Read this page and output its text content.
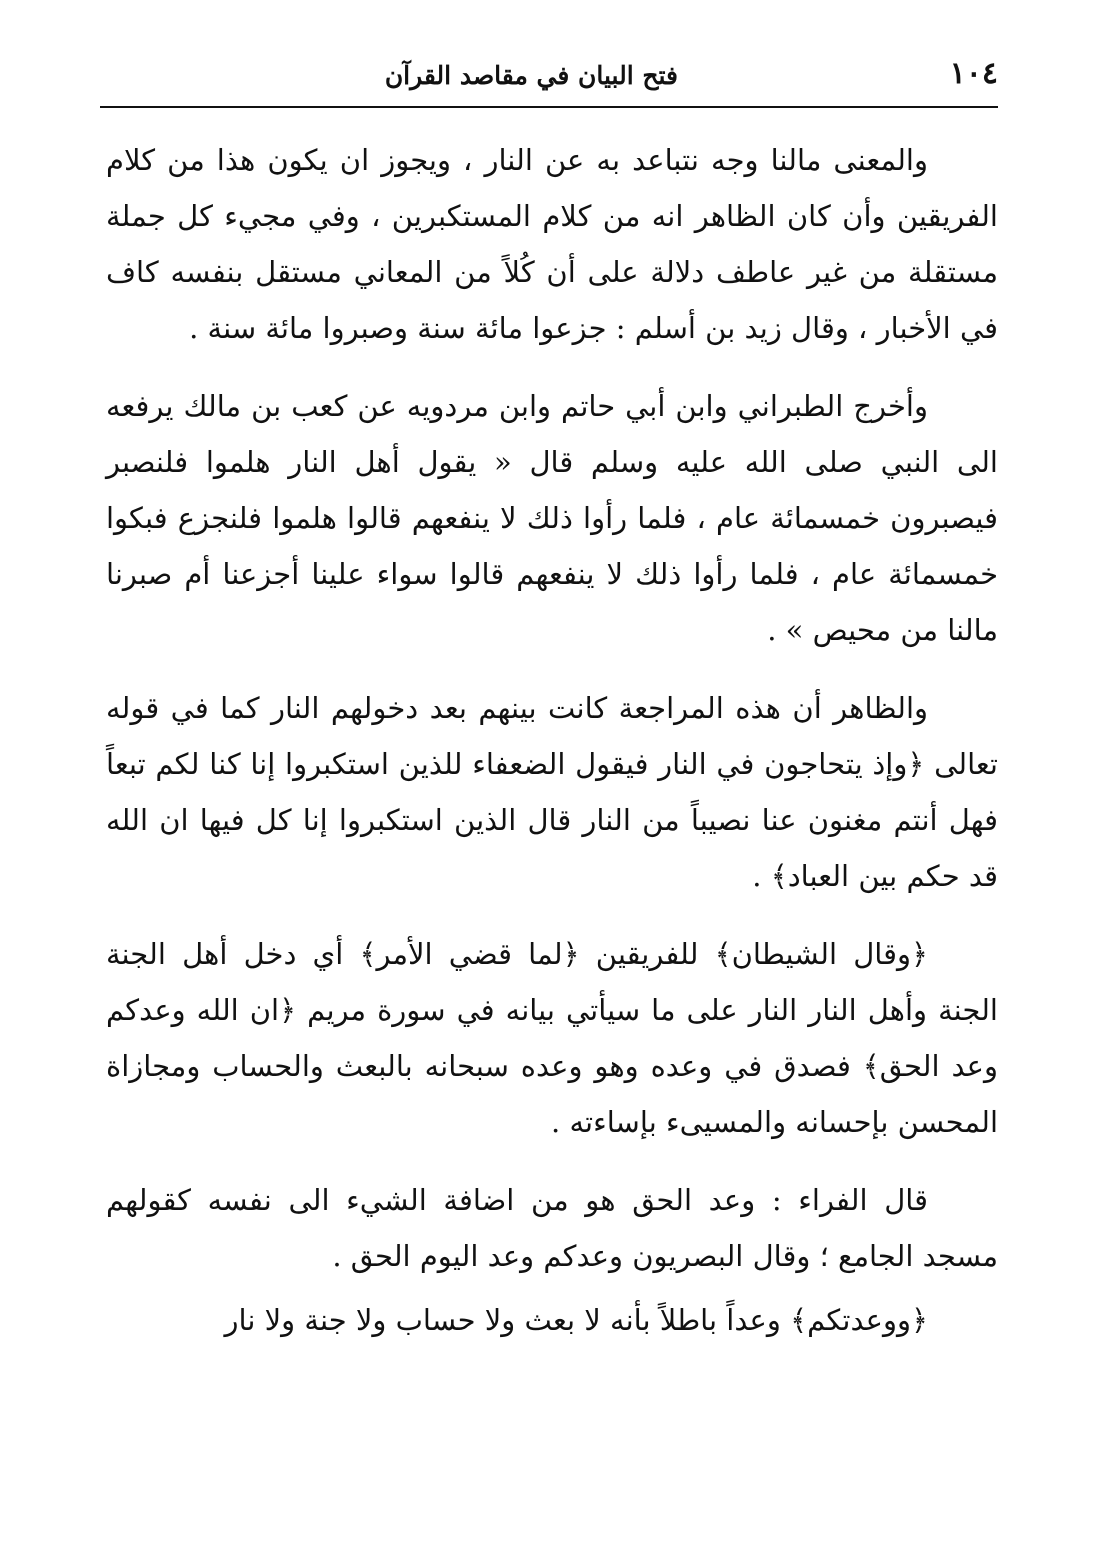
١٠٤
فتح البيان في مقاصد القرآن

والمعنى مالنا وجه نتباعد به عن النار ، ويجوز ان يكون هذا من كلام الفريقين وأن كان الظاهر انه من كلام المستكبرين ، وفي مجيء كل جملة مستقلة من غير عاطف دلالة على أن كُلاً من المعاني مستقل بنفسه كاف في الأخبار ، وقال زيد بن أسلم : جزعوا مائة سنة وصبروا مائة سنة .

وأخرج الطبراني وابن أبي حاتم وابن مردويه عن كعب بن مالك يرفعه الى النبي صلى الله عليه وسلم قال « يقول أهل النار هلموا فلنصبر فيصبرون خمسمائة عام ، فلما رأوا ذلك لا ينفعهم قالوا هلموا فلنجزع فبكوا خمسمائة عام ، فلما رأوا ذلك لا ينفعهم قالوا سواء علينا أجزعنا أم صبرنا مالنا من محيص » .

والظاهر أن هذه المراجعة كانت بينهم بعد دخولهم النار كما في قوله تعالى ﴿وإذ يتحاجون في النار فيقول الضعفاء للذين استكبروا إنا كنا لكم تبعاً فهل أنتم مغنون عنا نصيباً من النار قال الذين استكبروا إنا كل فيها ان الله قد حكم بين العباد﴾ .

﴿وقال الشيطان﴾ للفريقين ﴿لما قضي الأمر﴾ أي دخل أهل الجنة الجنة وأهل النار النار على ما سيأتي بيانه في سورة مريم ﴿ان الله وعدكم وعد الحق﴾ فصدق في وعده وهو وعده سبحانه بالبعث والحساب ومجازاة المحسن بإحسانه والمسيىء بإساءته .

قال الفراء : وعد الحق هو من اضافة الشيء الى نفسه كقولهم مسجد الجامع ؛ وقال البصريون وعدكم وعد اليوم الحق .

﴿ووعدتكم﴾ وعداً باطلاً بأنه لا بعث ولا حساب ولا جنة ولا نار
